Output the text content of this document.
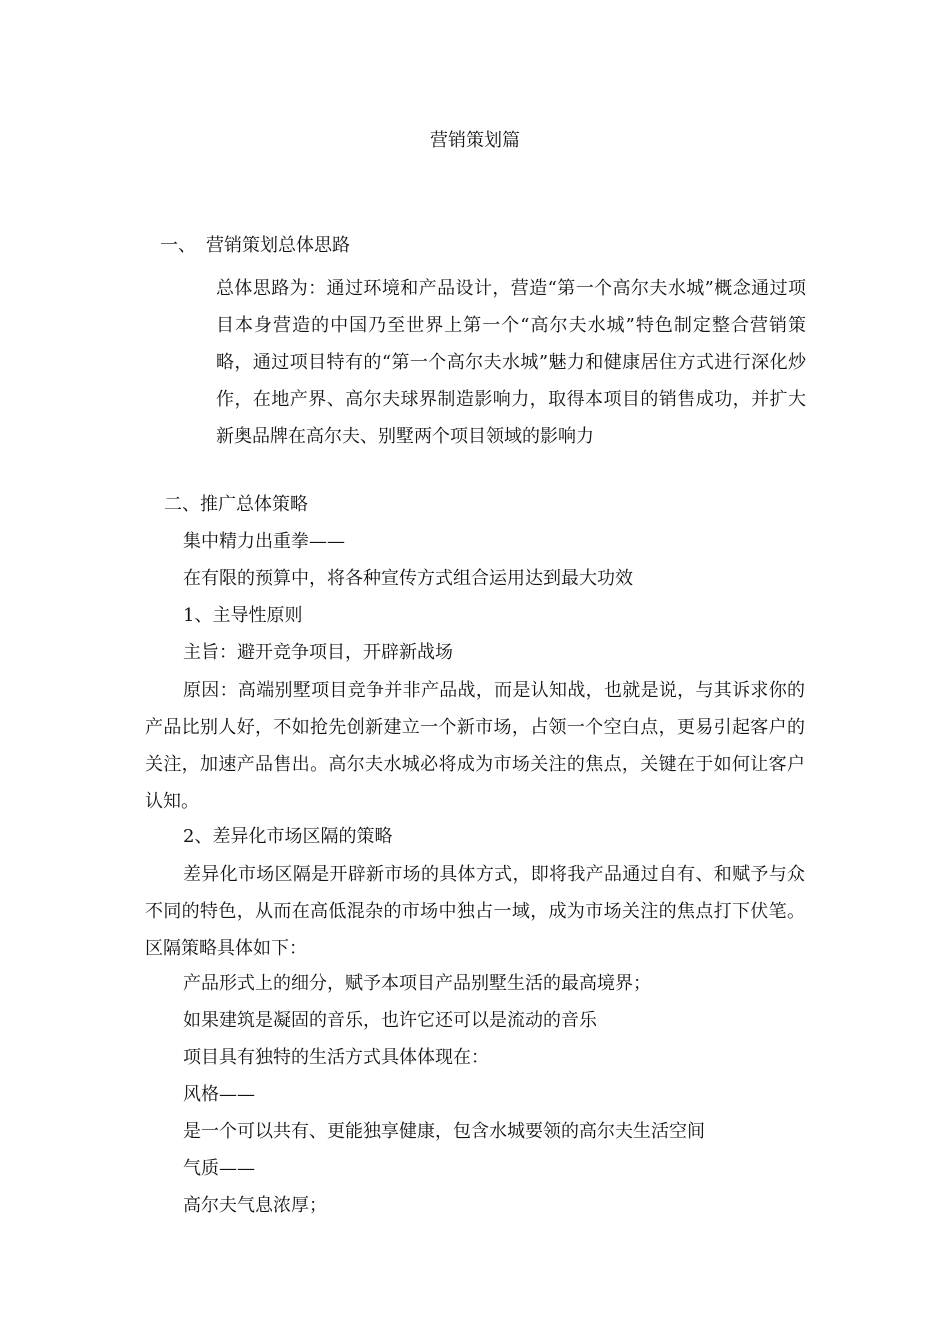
营销策划篇
一、 营销策划总体思路
总体思路为：通过环境和产品设计，营造“第一个高尔夫水城”概念通过项目本身营造的中国乃至世界上第一个“高尔夫水城”特色制定整合营销策略，通过项目特有的“第一个高尔夫水城”魅力和健康居住方式进行深化炒作，在地产界、高尔夫球界制造影响力，取得本项目的销售成功，并扩大新奥品牌在高尔夫、别墅两个项目领域的影响力
二、推广总体策略
集中精力出重拳——
在有限的预算中，将各种宣传方式组合运用达到最大功效
1、主导性原则
主旨：避开竞争项目，开辟新战场
原因：高端别墅项目竞争并非产品战，而是认知战，也就是说，与其诉求你的产品比别人好，不如抢先创新建立一个新市场，占领一个空白点，更易引起客户的关注，加速产品售出。高尔夫水城必将成为市场关注的焦点，关键在于如何让客户认知。
2、差异化市场区隔的策略
差异化市场区隔是开辟新市场的具体方式，即将我产品通过自有、和赋予与众不同的特色，从而在高低混杂的市场中独占一域，成为市场关注的焦点打下伏笔。区隔策略具体如下：
产品形式上的细分，赋予本项目产品别墅生活的最高境界；
如果建筑是凝固的音乐，也许它还可以是流动的音乐
项目具有独特的生活方式具体体现在：
风格——
是一个可以共有、更能独享健康，包含水城要领的高尔夫生活空间
气质——
高尔夫气息浓厚；
